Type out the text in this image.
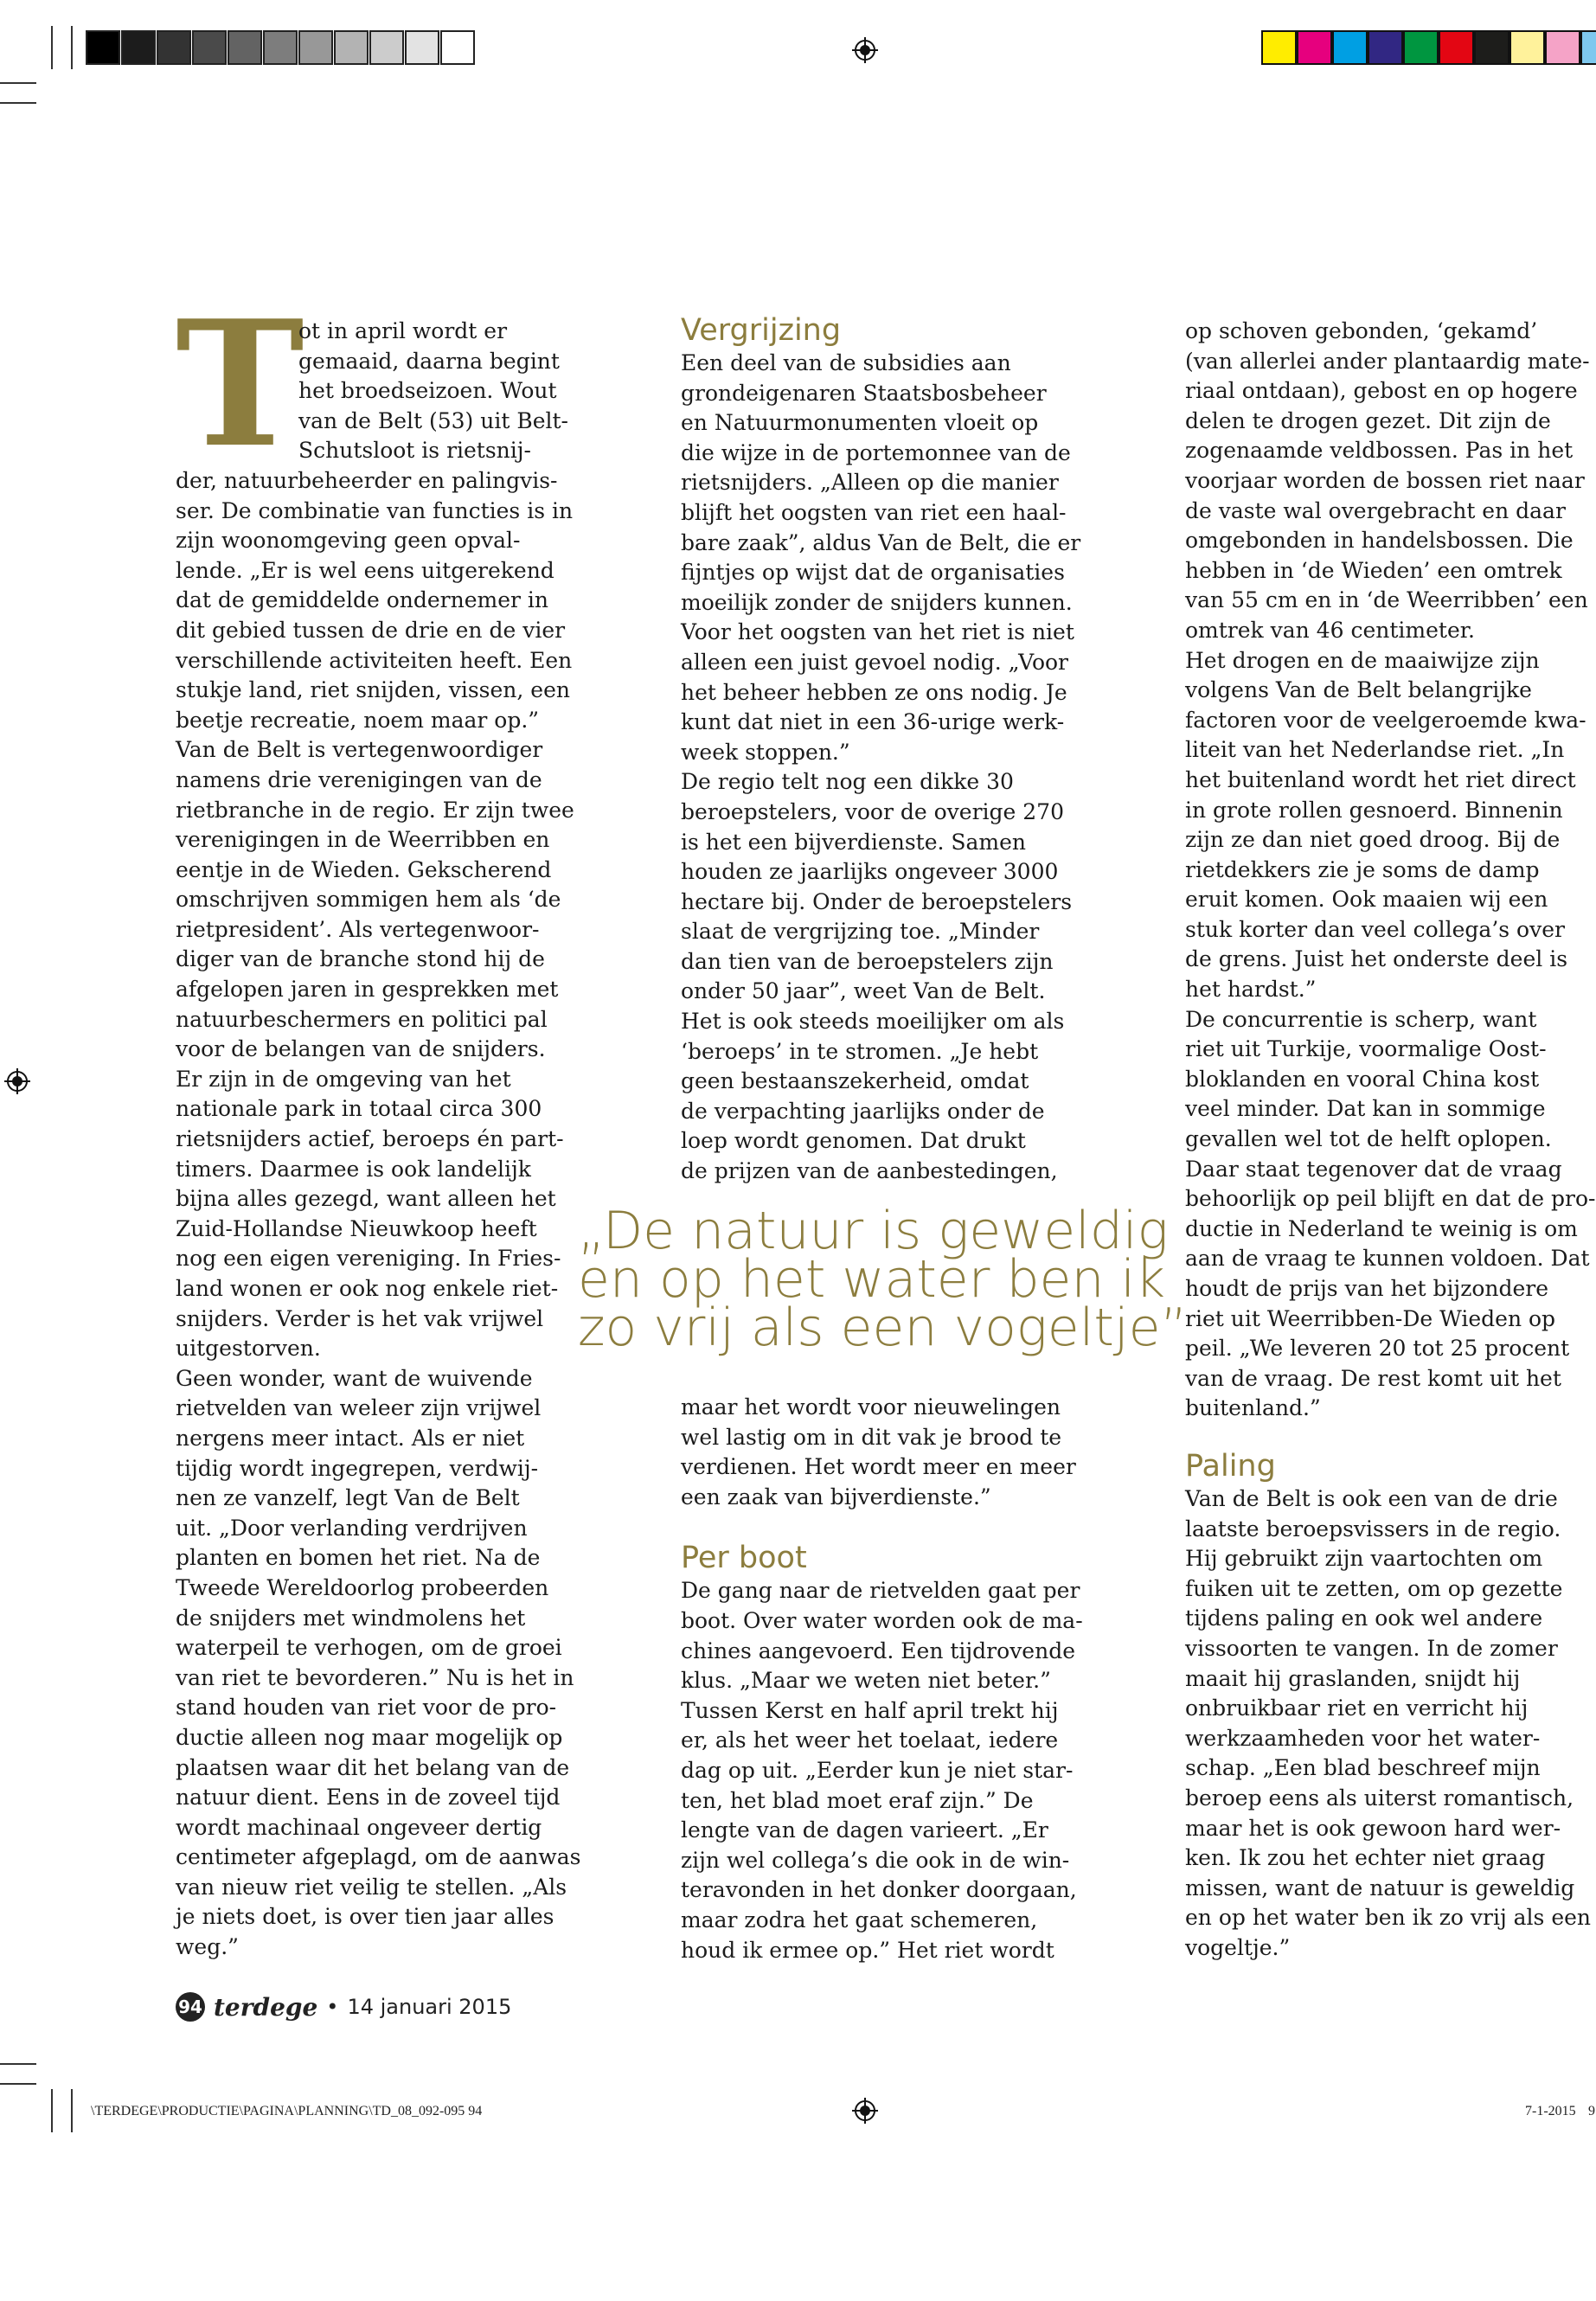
T

ot in april wordt er

gemaaid, daarna begint

het broedseizoen. Wout

van de Belt (53) uit Belt-

Schutsloot is rietsnij-

der, natuurbeheerder en palingvis-

ser. De combinatie van functies is in

zijn woonomgeving geen opval-

lende. „Er is wel eens uitgerekend

dat de gemiddelde ondernemer in

dit gebied tussen de drie en de vier

verschillende activiteiten heeft. Een

stukje land, riet snijden, vissen, een

beetje recreatie, noem maar op.”

Van de Belt is vertegenwoordiger

namens drie verenigingen van de

rietbranche in de regio. Er zijn twee

verenigingen in de Weerribben en

eentje in de Wieden. Gekscherend

omschrijven sommigen hem als ‘de

rietpresident’. Als vertegenwoor-

diger van de branche stond hij de

afgelopen jaren in gesprekken met

natuurbeschermers en politici pal

voor de belangen van de snijders.

Er zijn in de omgeving van het

nationale park in totaal circa 300

rietsnijders actief, beroeps én part-

timers. Daarmee is ook landelijk

bijna alles gezegd, want alleen het

Zuid-Hollandse Nieuwkoop heeft

nog een eigen vereniging. In Fries-

land wonen er ook nog enkele riet-

snijders. Verder is het vak vrijwel

uitgestorven.

Geen wonder, want de wuivende

rietvelden van weleer zijn vrijwel

nergens meer intact. Als er niet

tijdig wordt ingegrepen, verdwij-

nen ze vanzelf, legt Van de Belt

uit. „Door verlanding verdrijven

planten en bomen het riet. Na de

Tweede Wereldoorlog probeerden

de snijders met windmolens het

waterpeil te verhogen, om de groei

van riet te bevorderen.” Nu is het in

stand houden van riet voor de pro-

ductie alleen nog maar mogelijk op

plaatsen waar dit het belang van de

natuur dient. Eens in de zoveel tijd

wordt machinaal ongeveer dertig

centimeter afgeplagd, om de aanwas

van nieuw riet veilig te stellen. „Als

je niets doet, is over tien jaar alles

weg.”

Vergrijzing

Een deel van de subsidies aan

grondeigenaren Staatsbosbeheer

en Natuurmonumenten vloeit op

die wijze in de portemonnee van de

rietsnijders. „Alleen op die manier

blijft het oogsten van riet een haal-

bare zaak”, aldus Van de Belt, die er

fijntjes op wijst dat de organisaties

moeilijk zonder de snijders kunnen.

Voor het oogsten van het riet is niet

alleen een juist gevoel nodig. „Voor

het beheer hebben ze ons nodig. Je

kunt dat niet in een 36-urige werk-

week stoppen.”

De regio telt nog een dikke 30

beroepstelers, voor de overige 270

is het een bijverdienste. Samen

houden ze jaarlijks ongeveer 3000

hectare bij. Onder de beroepstelers

slaat de vergrijzing toe. „Minder

dan tien van de beroepstelers zijn

onder 50 jaar”, weet Van de Belt.

Het is ook steeds moeilijker om als

‘beroeps’ in te stromen. „Je hebt

geen bestaanszekerheid, omdat

de verpachting jaarlijks onder de

loep wordt genomen. Dat drukt

de prijzen van de aanbestedingen,

„De natuur is geweldig
en op het water ben ik
zo vrij als een vogeltje”

maar het wordt voor nieuwelingen

wel lastig om in dit vak je brood te

verdienen. Het wordt meer en meer

een zaak van bijverdienste.”

Per boot

De gang naar de rietvelden gaat per

boot. Over water worden ook de ma-

chines aangevoerd. Een tijdrovende

klus. „Maar we weten niet beter.”

Tussen Kerst en half april trekt hij

er, als het weer het toelaat, iedere

dag op uit. „Eerder kun je niet star-

ten, het blad moet eraf zijn.” De

lengte van de dagen varieert. „Er

zijn wel collega’s die ook in de win-

teravonden in het donker doorgaan,

maar zodra het gaat schemeren,

houd ik ermee op.” Het riet wordt

op schoven gebonden, ‘gekamd’

(van allerlei ander plantaardig mate-

riaal ontdaan), gebost en op hogere

delen te drogen gezet. Dit zijn de

zogenaamde veldbossen. Pas in het

voorjaar worden de bossen riet naar

de vaste wal overgebracht en daar

omgebonden in handelsbossen. Die

hebben in ‘de Wieden’ een omtrek

van 55 cm en in ‘de Weerribben’ een

omtrek van 46 centimeter.

Het drogen en de maaiwijze zijn

volgens Van de Belt belangrijke

factoren voor de veelgeroemde kwa-

liteit van het Nederlandse riet. „In

het buitenland wordt het riet direct

in grote rollen gesnoerd. Binnenin

zijn ze dan niet goed droog. Bij de

rietdekkers zie je soms de damp

eruit komen. Ook maaien wij een

stuk korter dan veel collega’s over

de grens. Juist het onderste deel is

het hardst.”

De concurrentie is scherp, want

riet uit Turkije, voormalige Oost-

bloklanden en vooral China kost

veel minder. Dat kan in sommige

gevallen wel tot de helft oplopen.

Daar staat tegenover dat de vraag

behoorlijk op peil blijft en dat de pro-

ductie in Nederland te weinig is om

aan de vraag te kunnen voldoen. Dat

houdt de prijs van het bijzondere

riet uit Weerribben-De Wieden op

peil. „We leveren 20 tot 25 procent

van de vraag. De rest komt uit het

buitenland.”

Paling

Van de Belt is ook een van de drie

laatste beroepsvissers in de regio.

Hij gebruikt zijn vaartochten om

fuiken uit te zetten, om op gezette

tijdens paling en ook wel andere

vissoorten te vangen. In de zomer

maait hij graslanden, snijdt hij

onbruikbaar riet en verricht hij

werkzaamheden voor het water-

schap. „Een blad beschreef mijn

beroep eens als uiterst romantisch,

maar het is ook gewoon hard wer-

ken. Ik zou het echter niet graag

missen, want de natuur is geweldig

en op het water ben ik zo vrij als een

vogeltje.”

94 terdege • 14 januari 2015
\TERDEGE\PRODUCTIE\PAGINA\PLANNING\TD_08_092-095 94	7-1-2015 9
